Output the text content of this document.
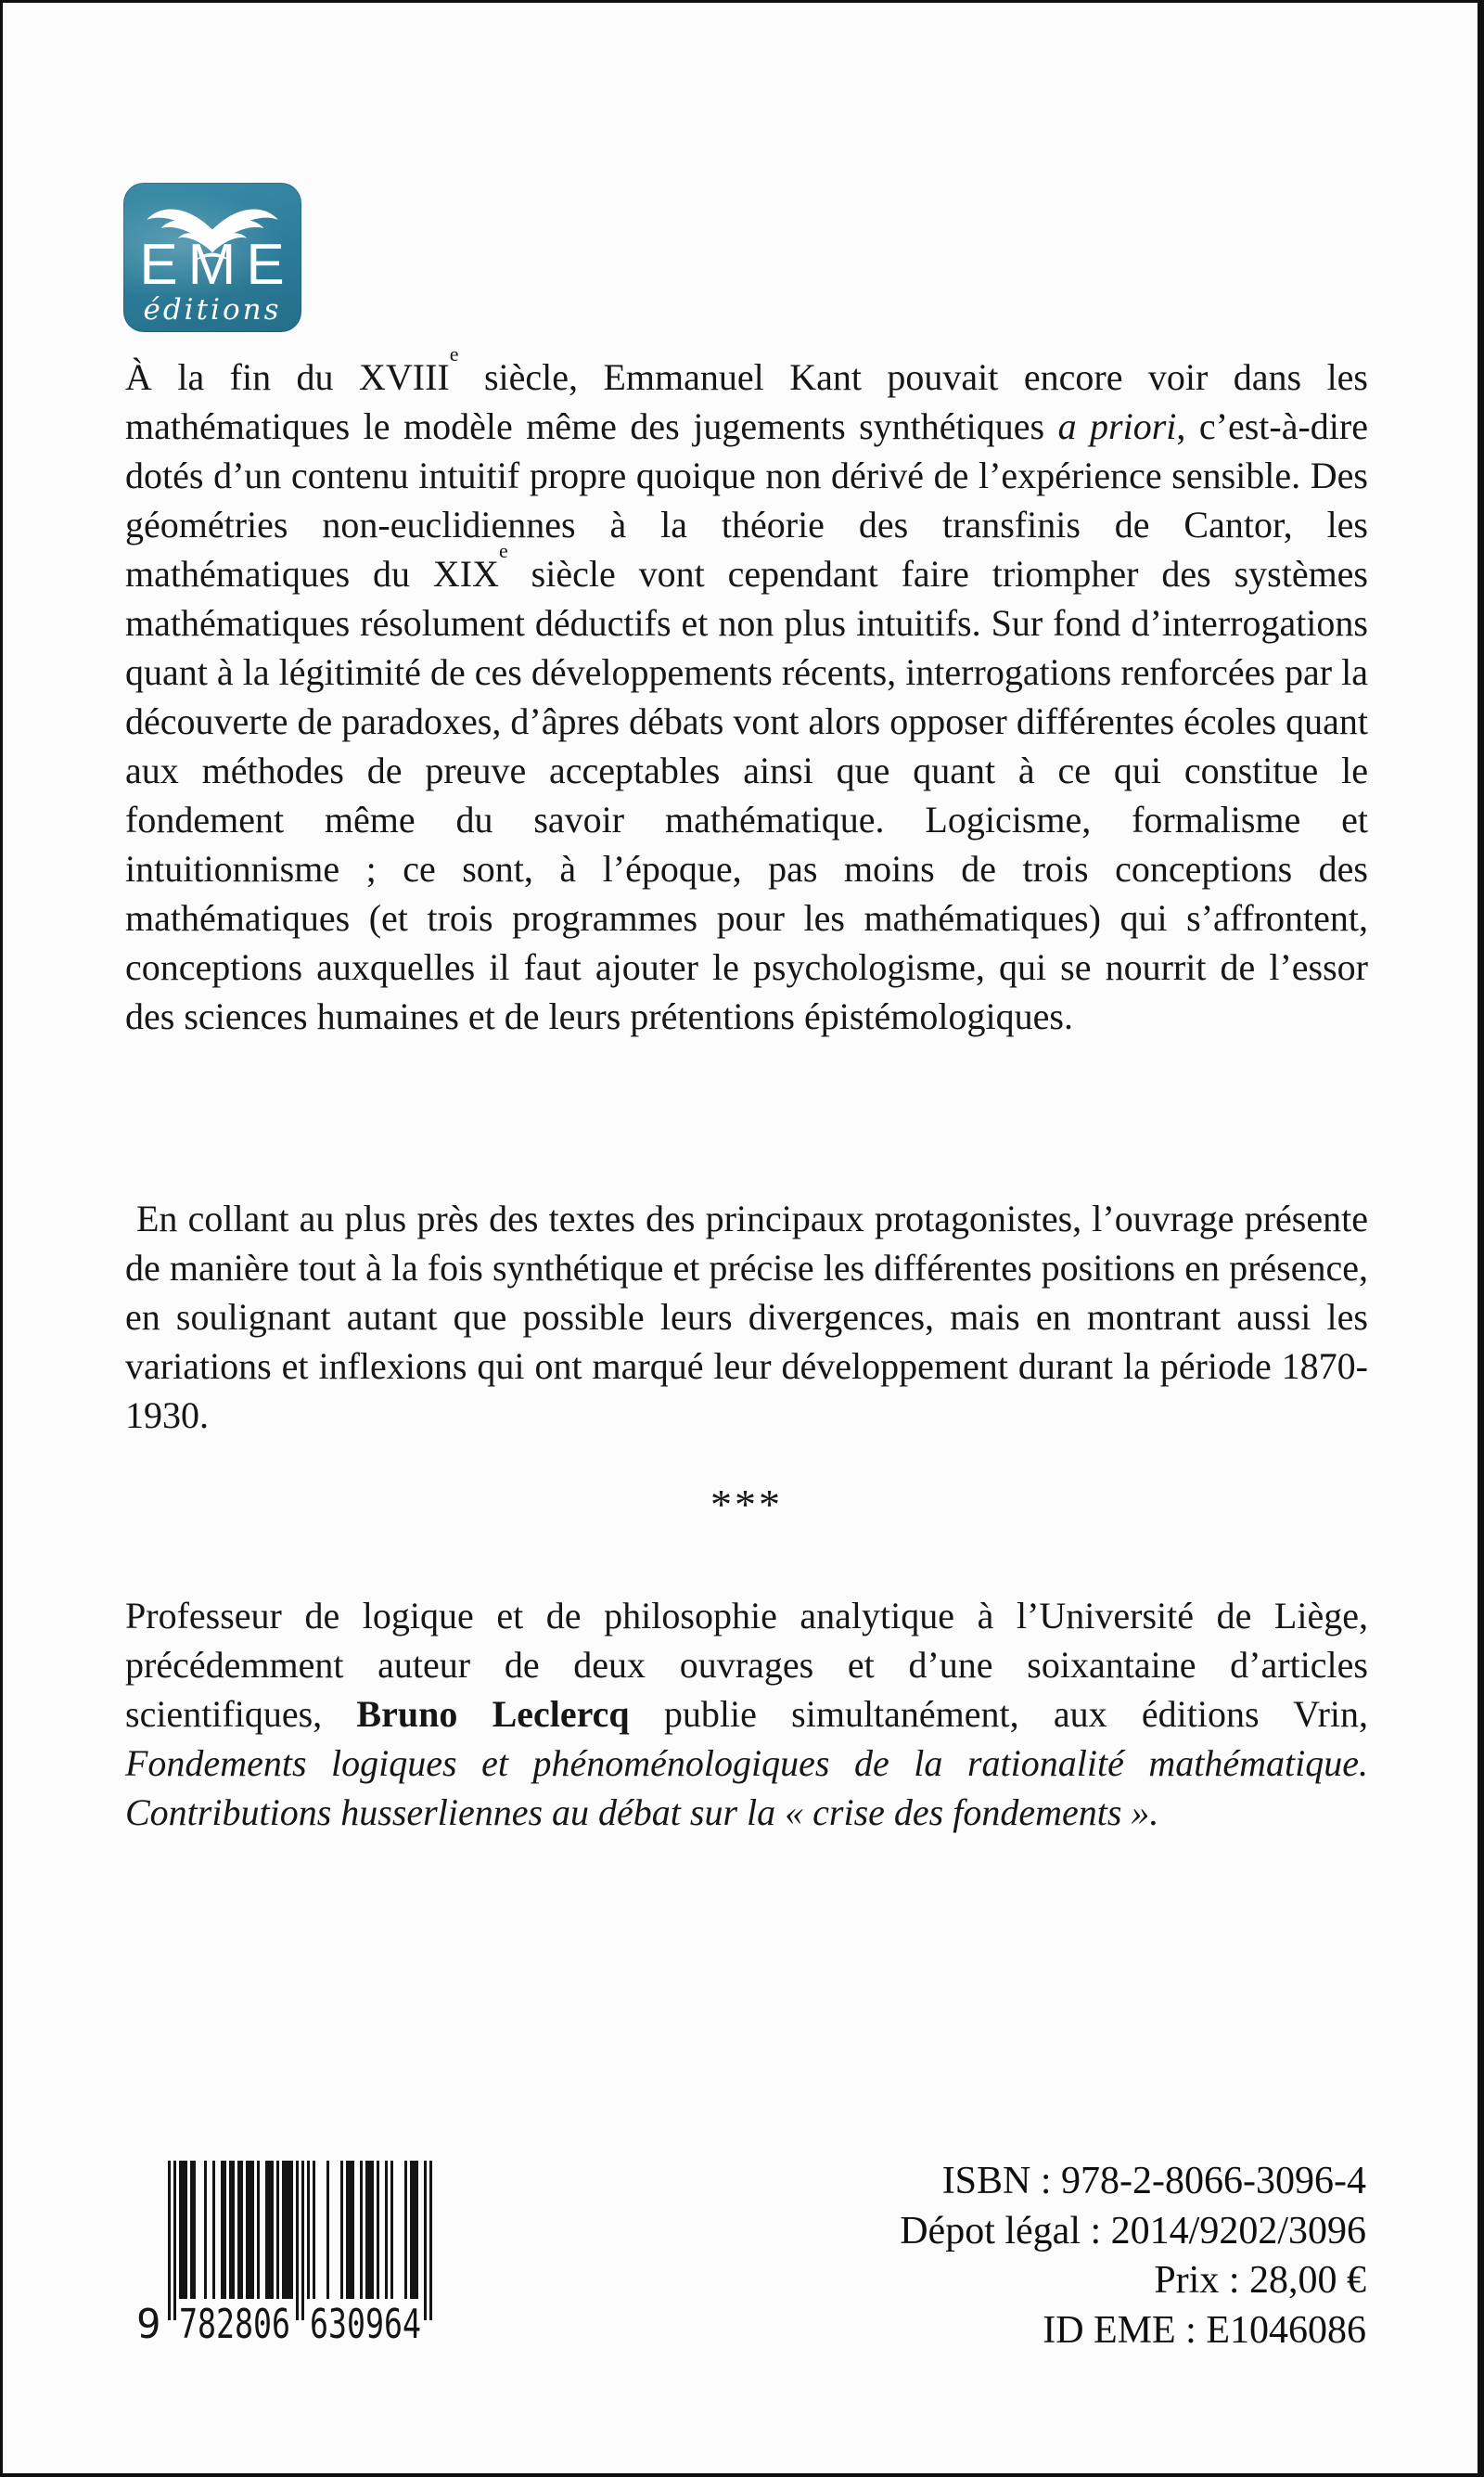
EME
éditions
À la fin du XVIIIe siècle, Emmanuel Kant pouvait encore voir dans les mathématiques le modèle même des jugements synthétiques a priori, c’est-à-dire dotés d’un contenu intuitif propre quoique non dérivé de l’expérience sensible. Des géométries non-euclidiennes à la théorie des transfinis de Cantor, les mathématiques du XIXe siècle vont cependant faire triompher des systèmes mathématiques résolument déductifs et non plus intuitifs. Sur fond d’interrogations quant à la légitimité de ces développements récents, interrogations renforcées par la découverte de paradoxes, d’âpres débats vont alors opposer différentes écoles quant aux méthodes de preuve acceptables ainsi que quant à ce qui constitue le fondement même du savoir mathématique. Logicisme, formalisme et intuitionnisme ; ce sont, à l’époque, pas moins de trois conceptions des mathématiques (et trois programmes pour les mathématiques) qui s’affrontent, conceptions auxquelles il faut ajouter le psychologisme, qui se nourrit de l’essor des sciences humaines et de leurs prétentions épistémologiques.
En collant au plus près des textes des principaux protagonistes, l’ouvrage présente de manière tout à la fois synthétique et précise les différentes positions en présence, en soulignant autant que possible leurs divergences, mais en montrant aussi les variations et inflexions qui ont marqué leur développement durant la période 1870-1930.
***
Professeur de logique et de philosophie analytique à l’Université de Liège, précédemment auteur de deux ouvrages et d’une soixantaine d’articles scientifiques, Bruno Leclercq publie simultanément, aux éditions Vrin, Fondements logiques et phénoménologiques de la rationalité mathématique. Contributions husserliennes au débat sur la « crise des fondements ».
9 782806 630964
ISBN : 978-2-8066-3096-4
Dépot légal : 2014/9202/3096
Prix : 28,00 €
ID EME : E1046086
